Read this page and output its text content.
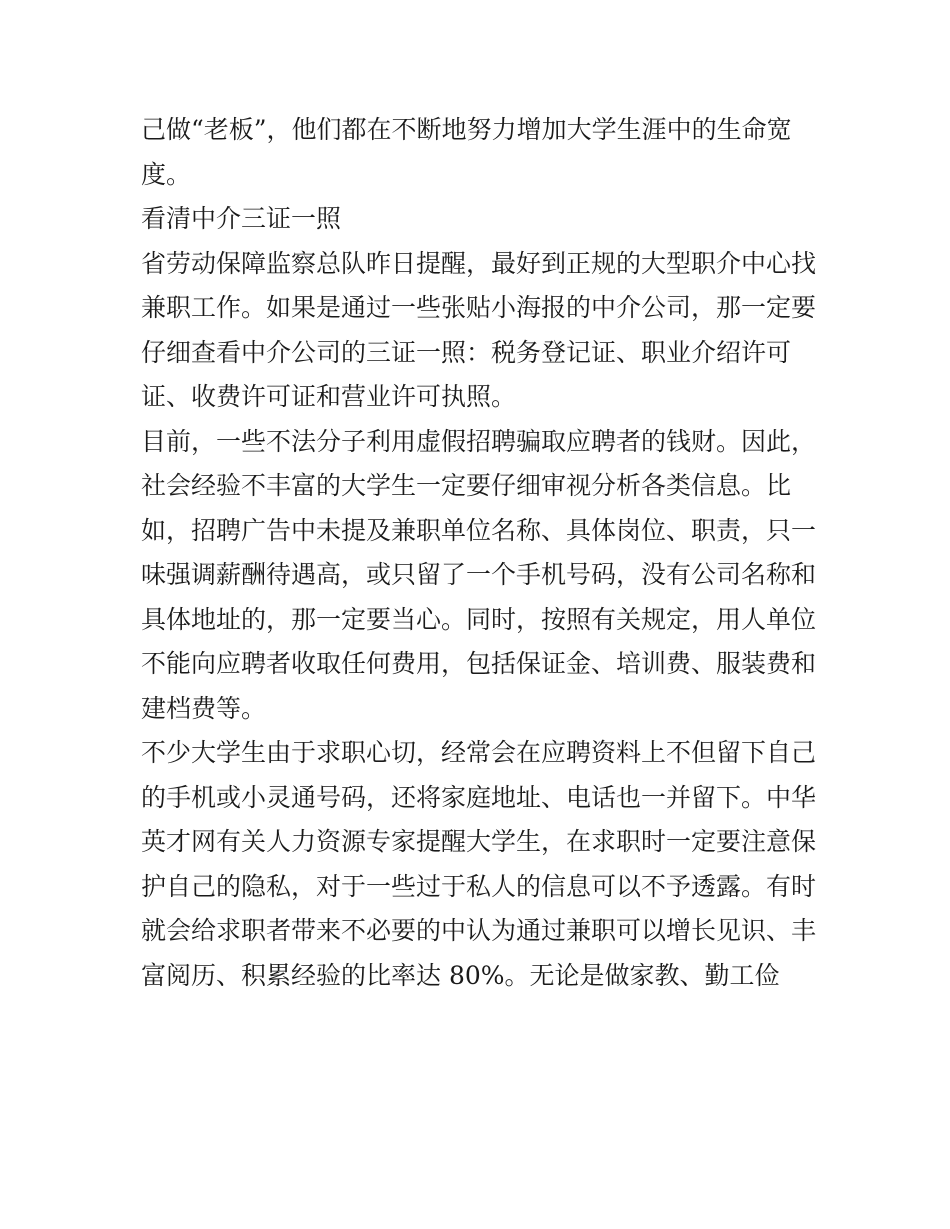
己做“老板”，他们都在不断地努力增加大学生涯中的生命宽
度。
看清中介三证一照
省劳动保障监察总队昨日提醒，最好到正规的大型职介中心找
兼职工作。如果是通过一些张贴小海报的中介公司，那一定要
仔细查看中介公司的三证一照：税务登记证、职业介绍许可
证、收费许可证和营业许可执照。
目前，一些不法分子利用虚假招聘骗取应聘者的钱财。因此，
社会经验不丰富的大学生一定要仔细审视分析各类信息。比
如，招聘广告中未提及兼职单位名称、具体岗位、职责，只一
味强调薪酬待遇高，或只留了一个手机号码，没有公司名称和
具体地址的，那一定要当心。同时，按照有关规定，用人单位
不能向应聘者收取任何费用，包括保证金、培训费、服装费和
建档费等。
不少大学生由于求职心切，经常会在应聘资料上不但留下自己
的手机或小灵通号码，还将家庭地址、电话也一并留下。中华
英才网有关人力资源专家提醒大学生，在求职时一定要注意保
护自己的隐私，对于一些过于私人的信息可以不予透露。有时
就会给求职者带来不必要的中认为通过兼职可以增长见识、丰
富阅历、积累经验的比率达 80%。无论是做家教、勤工俭
